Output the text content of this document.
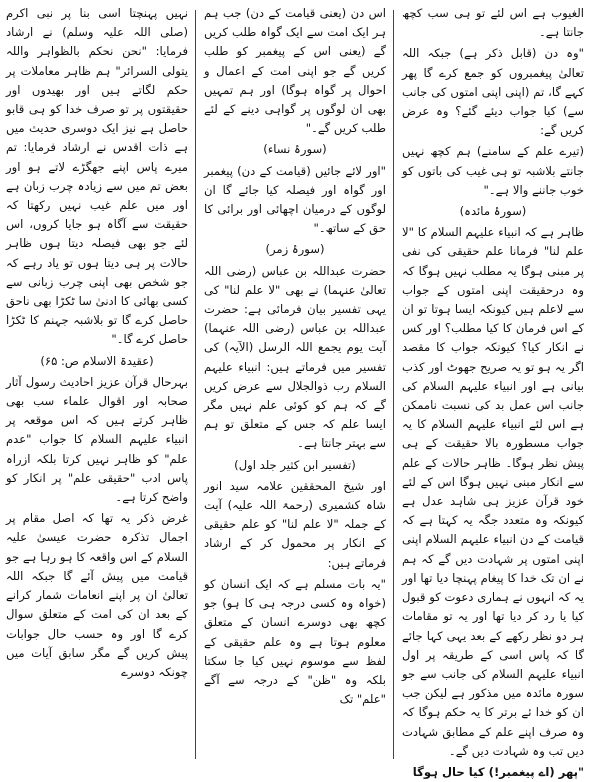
الغیوب ہے اس لئے تو ہی سب کچھ جانتا ہے۔

"وہ دن (قابل ذکر ہے) جبکہ اللہ تعالیٰ پیغمبروں کو جمع کرے گا پھر کہے گا، تم (اپنی اپنی امتوں کی جانب سے) کیا جواب دیئے گئے؟ وہ عرض کریں گے:

(تیرے علم کے سامنے) ہم کچھ نہیں جانتے بلاشبہ تو ہی غیب کی باتوں کو خوب جاننے والا ہے۔"

(سورۂ مائدہ)

ظاہر ہے کہ انبیاء علیہم السلام کا "لا علم لنا" فرمانا علم حقیقی کی نفی پر مبنی ہوگا یہ مطلب نہیں ہوگا کہ وہ درحقیقت اپنی امتوں کے جواب سے لاعلم ہیں کیونکہ ایسا ہوتا تو ان کے اس فرمان کا کیا مطلب؟ اور کس نے انکار کیا؟ کیونکہ جواب کا مقصد اگر یہ ہو تو یہ صریح جھوٹ اور کذب بیانی ہے اور انبیاء علیہم السلام کی جانب اس عمل بد کی نسبت ناممکن ہے اس لئے انبیاء علیہم السلام کا یہ جواب مسطورہ بالا حقیقت کے ہی پیش نظر ہوگا۔ ظاہر حالات کے علم سے انکار مبنی نہیں ہوگا اس کے لئے خود قرآن عزیز ہی شاہد عدل ہے کیونکہ وہ متعدد جگہ یہ کہتا ہے کہ قیامت کے دن انبیاء علیہم السلام اپنی اپنی امتوں پر شہادت دیں گے کہ ہم نے ان تک خدا کا پیغام پہنچا دیا تھا اور یہ کہ انہوں نے ہماری دعوت کو قبول کیا یا رد کر دیا تھا اور یہ تو مقامات ہر دو نظر رکھے کے بعد یہی کہا جائے گا کہ پاس اسی کے طریقہ پر اول انبیاء علیہم السلام کی جانب سے جو سورہ مائدہ میں مذکور ہے لیکن جب ان کو خدا ئے برتر کا یہ حکم ہوگا کہ وہ صرف اپنے علم کے مطابق شہادت دیں تب وہ شہادت دیں گے۔

"پھر (اے پیغمبر!) کیا حال ہوگا

اس دن (یعنی قیامت کے دن) جب ہم ہر ایک امت سے ایک گواہ طلب کریں گے (یعنی اس کے پیغمبر کو طلب کریں گے جو اپنی امت کے اعمال و احوال پر گواہ ہوگا) اور ہم تمہیں بھی ان لوگوں پر گواہی دینے کے لئے طلب کریں گے۔"

(سورۂ نساء)

"اور لائے جائیں (قیامت کے دن) پیغمبر اور گواہ اور فیصلہ کیا جائے گا ان لوگوں کے درمیان اچھائی اور برائی کا حق کے ساتھ۔"

(سورۂ زمر)

حضرت عبداللہ بن عباس (رضی اللہ تعالیٰ عنہما) نے بھی "لا علم لنا" کی یہی تفسیر بیان فرمائی ہے: حضرت عبداللہ بن عباس (رضی اللہ عنہما) آیت یوم یجمع اللہ الرسل (الآیہ) کی تفسیر میں فرماتے ہیں: انبیاء علیہم السلام رب ذوالجلال سے عرض کریں گے کہ ہم کو کوئی علم نہیں مگر ایسا علم کہ جس کے متعلق تو ہم سے بہتر جانتا ہے۔

(تفسیر ابن کثیر جلد اول)

اور شیخ المحققین علامہ سید انور شاہ کشمیری (رحمۃ اللہ علیہ) آیت کے جملہ "لا علم لنا" کو علم حقیقی کے انکار پر محمول کر کے ارشاد فرماتے ہیں:

"یہ بات مسلم ہے کہ ایک انسان کو (خواہ وہ کسی درجہ ہی کا ہو) جو کچھ بھی دوسرے انسان کے متعلق معلوم ہوتا ہے وہ علم حقیقی کے لفظ سے موسوم نہیں کیا جا سکتا بلکہ وہ "ظن" کے درجہ سے آگے "علم" تک

نہیں پہنچتا اسی بنا پر نبی اکرم (صلی اللہ علیہ وسلم) نے ارشاد فرمایا: "نحن نحکم بالظواہر واللہ یتولی السرائر" ہم ظاہر معاملات پر حکم لگاتے ہیں اور بھیدوں اور حقیقتوں پر تو صرف خدا کو ہی قابو حاصل ہے نیز ایک دوسری حدیث میں ہے ذات اقدس نے ارشاد فرمایا: تم میرے پاس اپنے جھگڑے لاتے ہو اور بعض تم میں سے زیادہ چرب زبان ہے اور میں علم غیب نہیں رکھتا کہ حقیقت سے آگاہ ہو جایا کروں، اس لئے جو بھی فیصلہ دیتا ہوں ظاہر حالات پر ہی دیتا ہوں تو یاد رہے کہ جو شخص بھی اپنی چرب زبانی سے کسی بھائی کا ادنیٰ سا ٹکڑا بھی ناحق حاصل کرے گا تو بلاشبہ جہنم کا ٹکڑا حاصل کرے گا۔"

(عقیدۃ الاسلام ص: ۶۵)

بہرحال قرآن عزیز احادیث رسول آثار صحابہ اور اقوال علماء سب بھی ظاہر کرتے ہیں کہ اس موقعہ پر انبیاء علیہم السلام کا جواب "عدم علم" کو ظاہر نہیں کرتا بلکہ ازراہ پاس ادب "حقیقی علم" پر انکار کو واضح کرتا ہے۔

غرض ذکر یہ تھا کہ اصل مقام پر اجمال تذکرہ حضرت عیسیٰ علیہ السلام کے اس واقعہ کا ہو رہا ہے جو قیامت میں پیش آئے گا جبکہ اللہ تعالیٰ ان پر اپنے انعامات شمار کرانے کے بعد ان کی امت کے متعلق سوال کرے گا اور وہ حسب حال جوابات پیش کریں گے مگر سابق آیات میں چونکہ دوسرے
